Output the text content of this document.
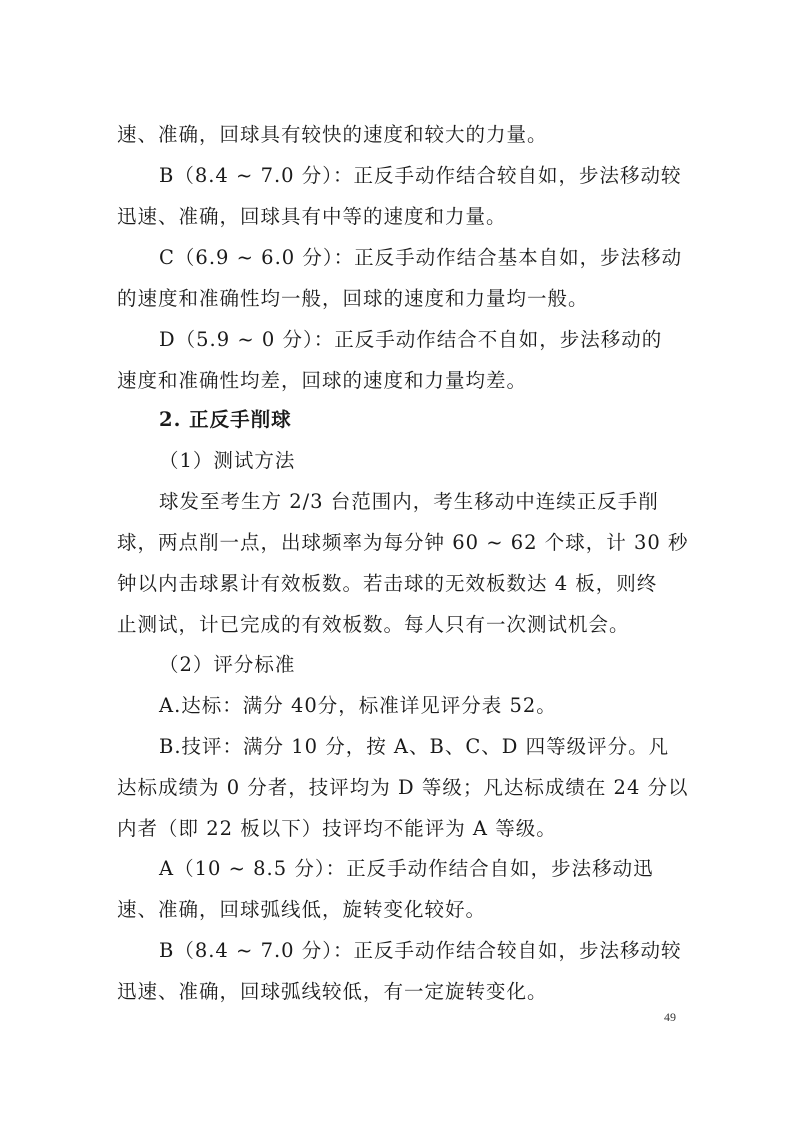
速、准确，回球具有较快的速度和较大的力量。
B（8.4 ~ 7.0 分）：正反手动作结合较自如，步法移动较
迅速、准确，回球具有中等的速度和力量。
C（6.9 ~ 6.0 分）：正反手动作结合基本自如，步法移动
的速度和准确性均一般，回球的速度和力量均一般。
D（5.9 ~ 0 分）：正反手动作结合不自如，步法移动的
速度和准确性均差，回球的速度和力量均差。
2. 正反手削球
（1）测试方法
球发至考生方 2/3 台范围内，考生移动中连续正反手削
球，两点削一点，出球频率为每分钟 60 ~ 62 个球，计 30 秒
钟以内击球累计有效板数。若击球的无效板数达 4 板，则终
止测试，计已完成的有效板数。每人只有一次测试机会。
（2）评分标准
A.达标：满分 40分，标准详见评分表 52。
B.技评：满分 10 分，按 A、B、C、D 四等级评分。凡
达标成绩为 0 分者，技评均为 D 等级；凡达标成绩在 24 分以
内者（即 22 板以下）技评均不能评为 A 等级。
A（10 ~ 8.5 分）：正反手动作结合自如，步法移动迅
速、准确，回球弧线低，旋转变化较好。
B（8.4 ~ 7.0 分）：正反手动作结合较自如，步法移动较
迅速、准确，回球弧线较低，有一定旋转变化。
49
